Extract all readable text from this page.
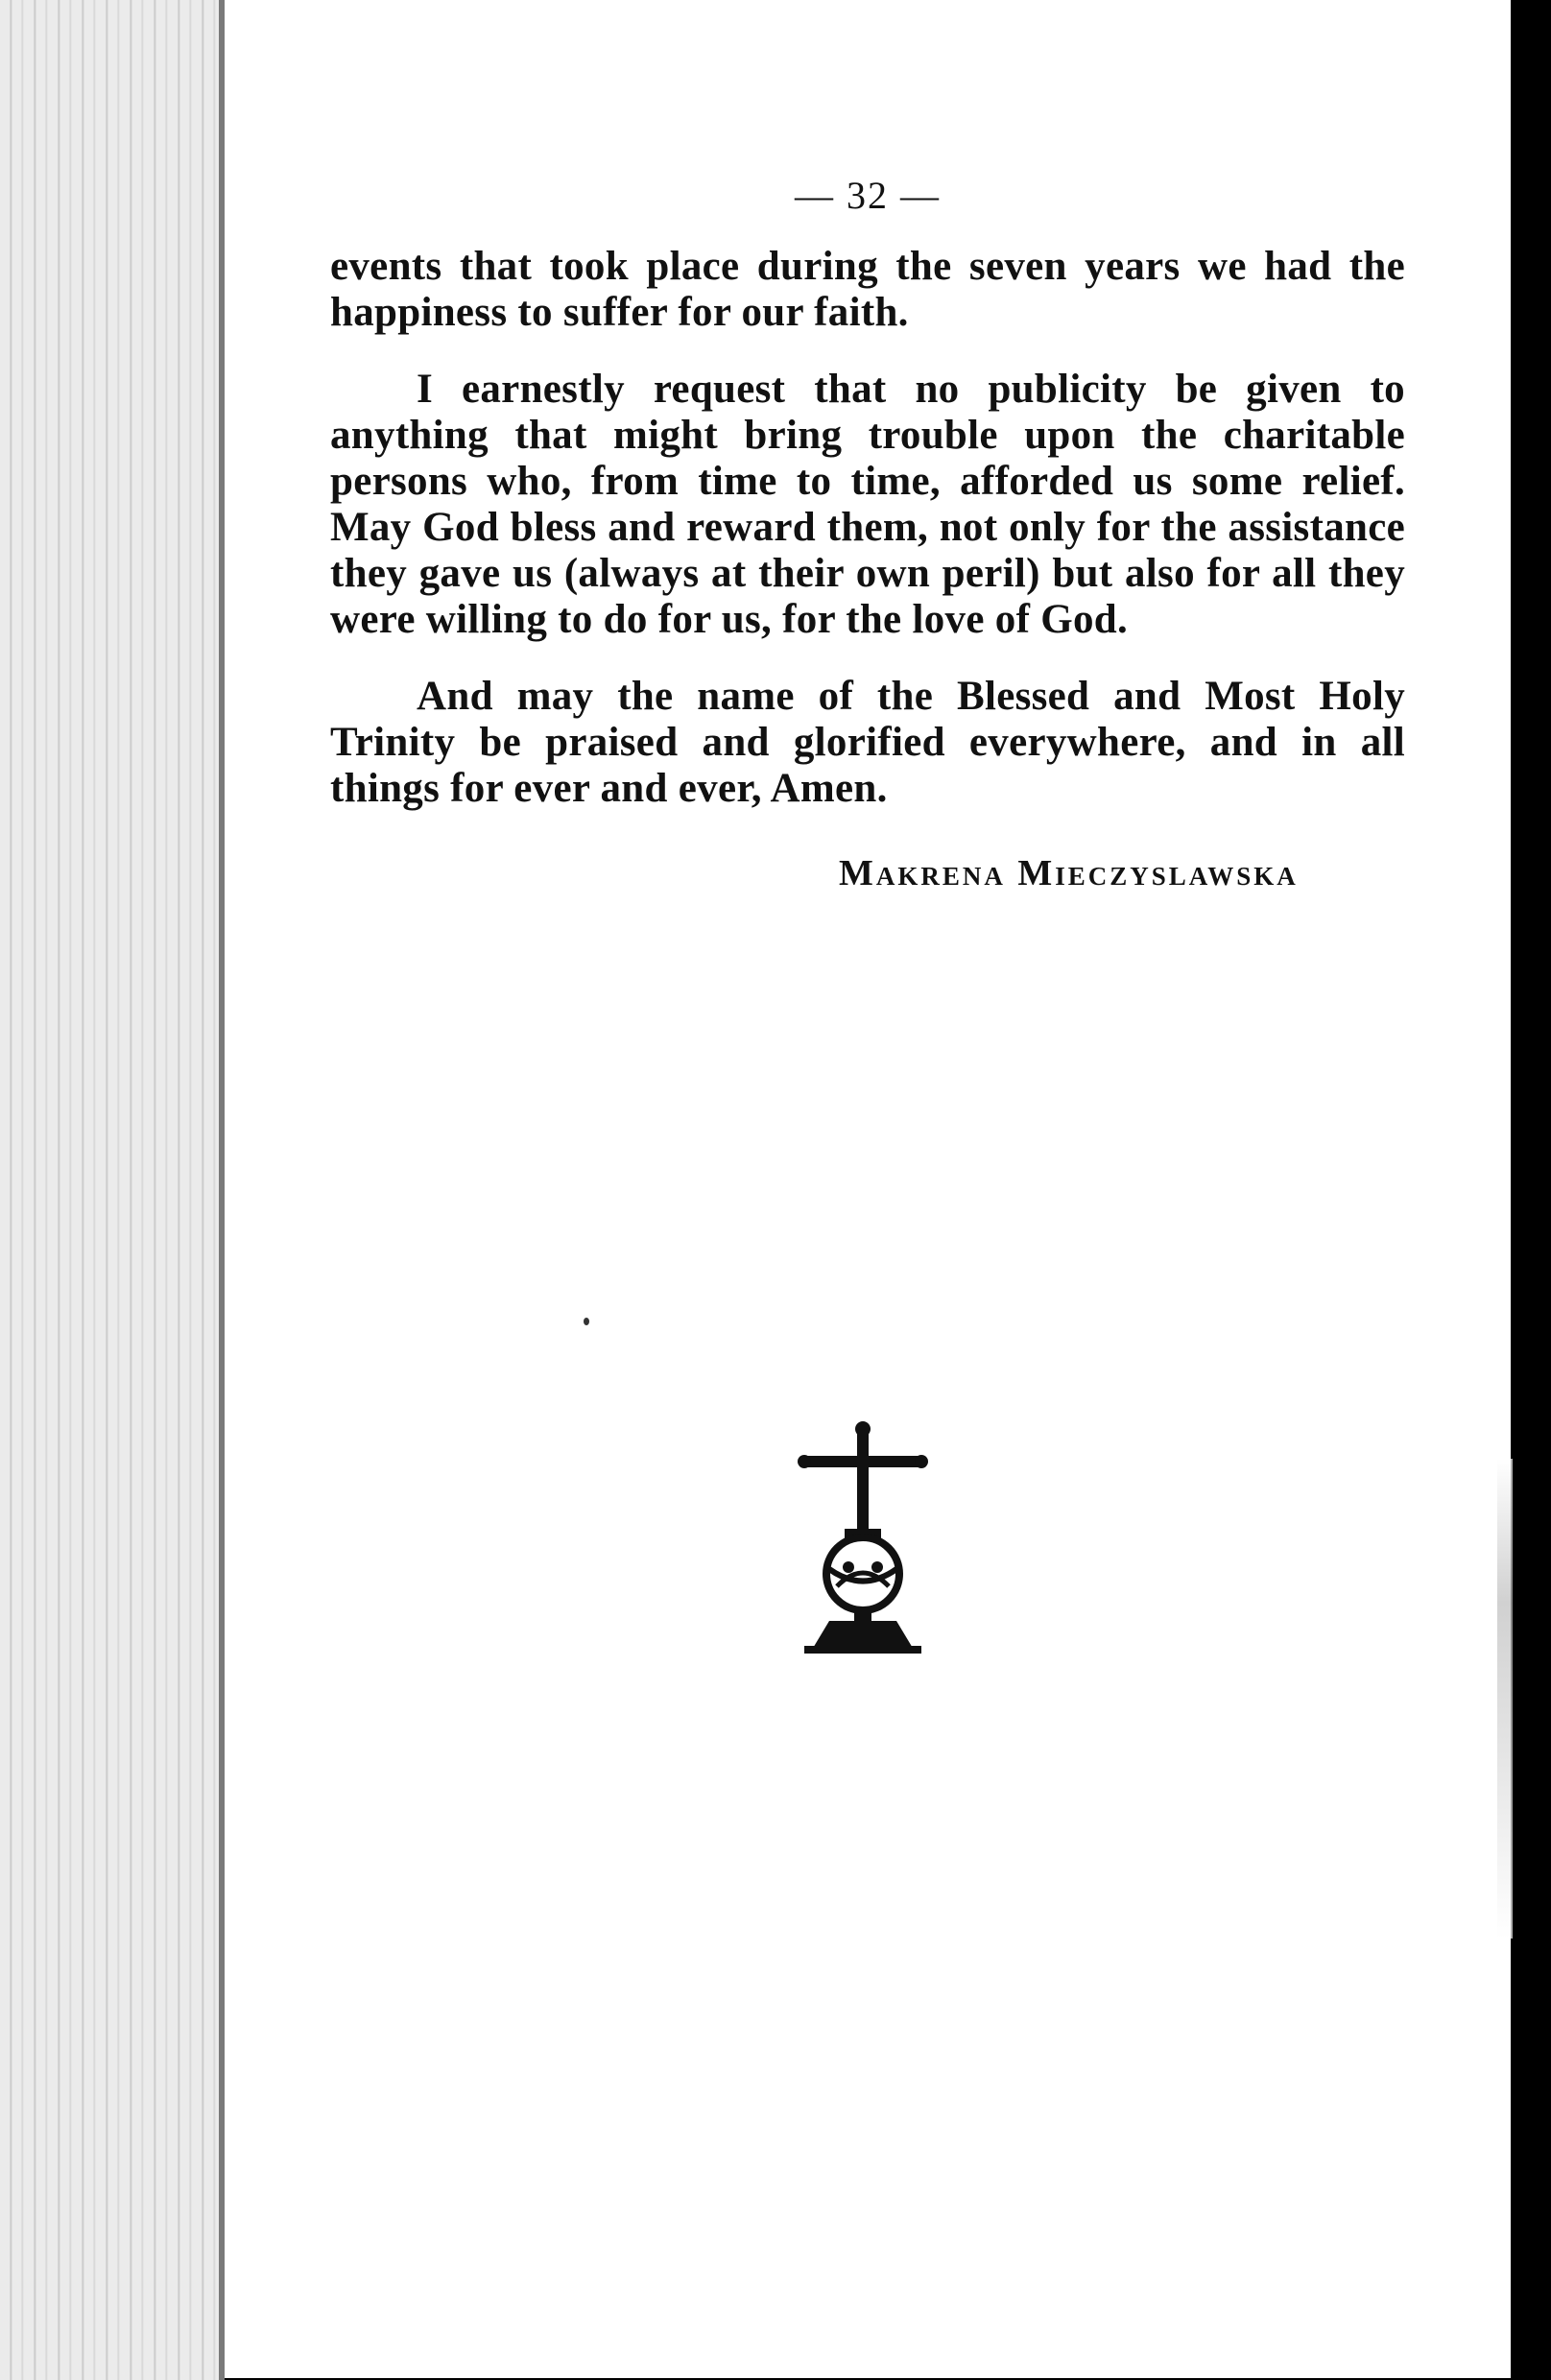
— 32 —

events that took place during the seven years we had the happiness to suffer for our faith.

I earnestly request that no publicity be given to anything that might bring trouble upon the charitable persons who, from time to time, afforded us some relief. May God bless and reward them, not only for the assistance they gave us (always at their own peril) but also for all they were willing to do for us, for the love of God.

And may the name of the Blessed and Most Holy Trinity be praised and glorified everywhere, and in all things for ever and ever, Amen.

Makrena Mieczyslawska
